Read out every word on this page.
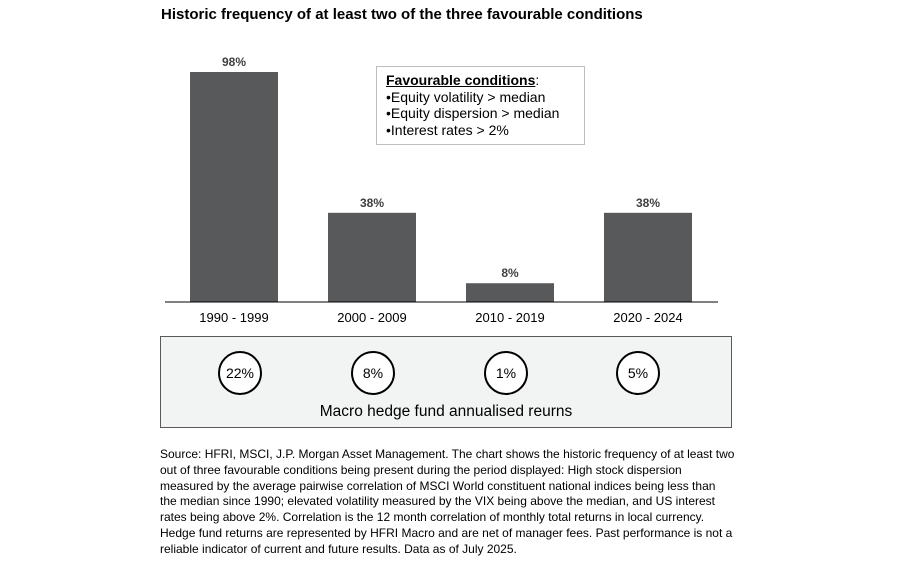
Historic frequency of at least two of the three favourable conditions
98%
1990 - 1999
38%
2000 - 2009
8%
2010 - 2019
38%
2020 - 2024
Favourable conditions:
• Equity volatility > median
• Equity dispersion > median
• Interest rates > 2%
22%	8%	1%	5%
Macro hedge fund annualised reurns
Source: HFRI, MSCI, J.P. Morgan Asset Management. The chart shows the historic frequency of at least two out of three favourable conditions being present during the period displayed: High stock dispersion measured by the average pairwise correlation of MSCI World constituent national indices being less than the median since 1990; elevated volatility measured by the VIX being above the median, and US interest rates being above 2%. Correlation is the 12 month correlation of monthly total returns in local currency. Hedge fund returns are represented by HFRI Macro and are net of manager fees. Past performance is not a reliable indicator of current and future results. Data as of July 2025.
